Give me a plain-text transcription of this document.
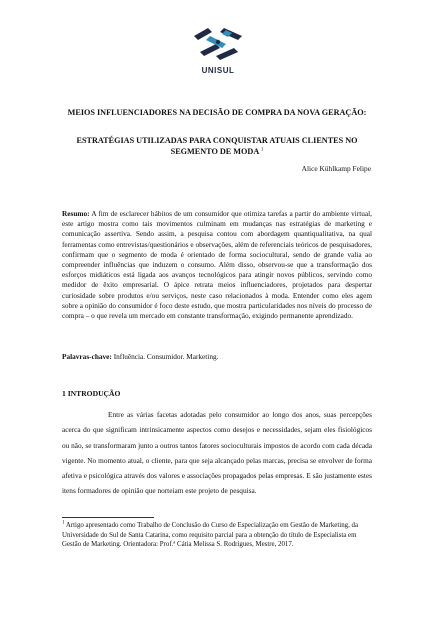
UNISUL

MEIOS INFLUENCIADORES NA DECISÃO DE COMPRA DA NOVA GERAÇÃO:

ESTRATÉGIAS UTILIZADAS PARA CONQUISTAR ATUAIS CLIENTES NO SEGMENTO DE MODA $^1$

Alice Kühlkamp Felipe

Resumo: A fim de esclarecer hábitos de um consumidor que otimiza tarefas a partir do ambiente virtual, este artigo mostra como tais movimentos culminam em mudanças nas estratégias de marketing e comunicação assertiva. Sendo assim, a pesquisa contou com abordagem quantiqualitativa, na qual ferramentas como entrevistas/questionários e observações, além de referenciais teóricos de pesquisadores, confirmam que o segmento de moda é orientado de forma sociocultural, sendo de grande valia ao compreender influências que induzem o consumo. Além disso, observou-se que a transformação dos esforços midiáticos está ligada aos avanços tecnológicos para atingir novos públicos, servindo como medidor de êxito empresarial. O ápice retrata meios influenciadores, projetados para despertar curiosidade sobre produtos e/ou serviços, neste caso relacionados à moda. Entender como eles agem sobre a opinião do consumidor é foco deste estudo, que mostra particularidades nos níveis do processo de compra – o que revela um mercado em constante transformação, exigindo permanente aprendizado.

Palavras-chave: Influência. Consumidor. Marketing.

1 INTRODUÇÃO

Entre as várias facetas adotadas pelo consumidor ao longo dos anos, suas percepções acerca do que significam intrinsicamente aspectos como desejos e necessidades, sejam eles fisiológicos ou não, se transformaram junto a outros tantos fatores socioculturais impostos de acordo com cada década vigente. No momento atual, o cliente, para que seja alcançado pelas marcas, precisa se envolver de forma afetiva e psicológica através dos valores e associações propagados pelas empresas. E são justamente estes itens formadores de opinião que norteiam este projeto de pesquisa.

$^1$ Artigo apresentado como Trabalho de Conclusão do Curso de Especialização em Gestão de Marketing, da Universidade do Sul de Santa Catarina, como requisito parcial para a obtenção do título de Especialista em Gestão de Marketing. Orientadora: Prof.ª Cátia Melissa S. Rodrigues, Mestre, 2017.
